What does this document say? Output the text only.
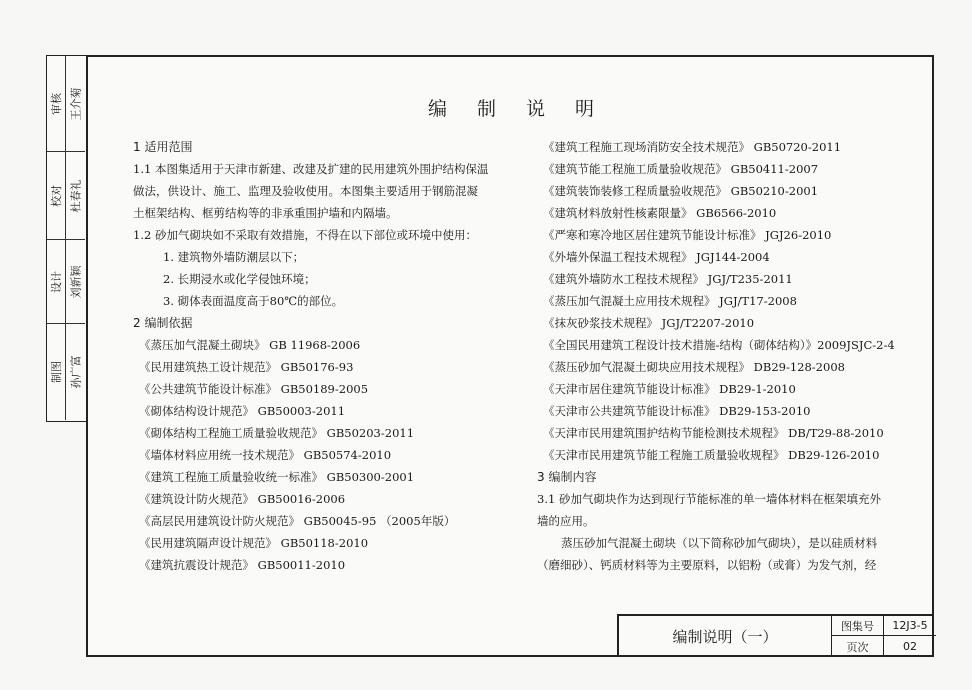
审核 王介菊
校对 杜春礼
设计 刘新颖
制图 孙广富
编制说明
1 适用范围
1.1 本图集适用于天津市新建、改建及扩建的民用建筑外围护结构保温
做法，供设计、施工、监理及验收使用。本图集主要适用于钢筋混凝
土框架结构、框剪结构等的非承重围护墙和内隔墙。
1.2 砂加气砌块如不采取有效措施，不得在以下部位或环境中使用：
1. 建筑物外墙防潮层以下；
2. 长期浸水或化学侵蚀环境；
3. 砌体表面温度高于80℃的部位。
2 编制依据
《蒸压加气混凝土砌块》 GB 11968-2006
《民用建筑热工设计规范》 GB50176-93
《公共建筑节能设计标准》 GB50189-2005
《砌体结构设计规范》 GB50003-2011
《砌体结构工程施工质量验收规范》 GB50203-2011
《墙体材料应用统一技术规范》 GB50574-2010
《建筑工程施工质量验收统一标准》 GB50300-2001
《建筑设计防火规范》 GB50016-2006
《高层民用建筑设计防火规范》 GB50045-95 （2005年版）
《民用建筑隔声设计规范》 GB50118-2010
《建筑抗震设计规范》 GB50011-2010
《建筑工程施工现场消防安全技术规范》 GB50720-2011
《建筑节能工程施工质量验收规范》 GB50411-2007
《建筑装饰装修工程质量验收规范》 GB50210-2001
《建筑材料放射性核素限量》 GB6566-2010
《严寒和寒冷地区居住建筑节能设计标准》 JGJ26-2010
《外墙外保温工程技术规程》 JGJ144-2004
《建筑外墙防水工程技术规程》 JGJ/T235-2011
《蒸压加气混凝土应用技术规程》 JGJ/T17-2008
《抹灰砂浆技术规程》 JGJ/T2207-2010
《全国民用建筑工程设计技术措施-结构（砌体结构）》2009JSJC-2-4
《蒸压砂加气混凝土砌块应用技术规程》 DB29-128-2008
《天津市居住建筑节能设计标准》 DB29-1-2010
《天津市公共建筑节能设计标准》 DB29-153-2010
《天津市民用建筑围护结构节能检测技术规程》 DB/T29-88-2010
《天津市民用建筑节能工程施工质量验收规程》 DB29-126-2010
3 编制内容
3.1 砂加气砌块作为达到现行节能标准的单一墙体材料在框架填充外
墙的应用。
蒸压砂加气混凝土砌块（以下简称砂加气砌块），是以硅质材料
（磨细砂）、钙质材料等为主要原料，以铝粉（或膏）为发气剂，经
编制说明（一）
图集号	12J3-5
页次	02
